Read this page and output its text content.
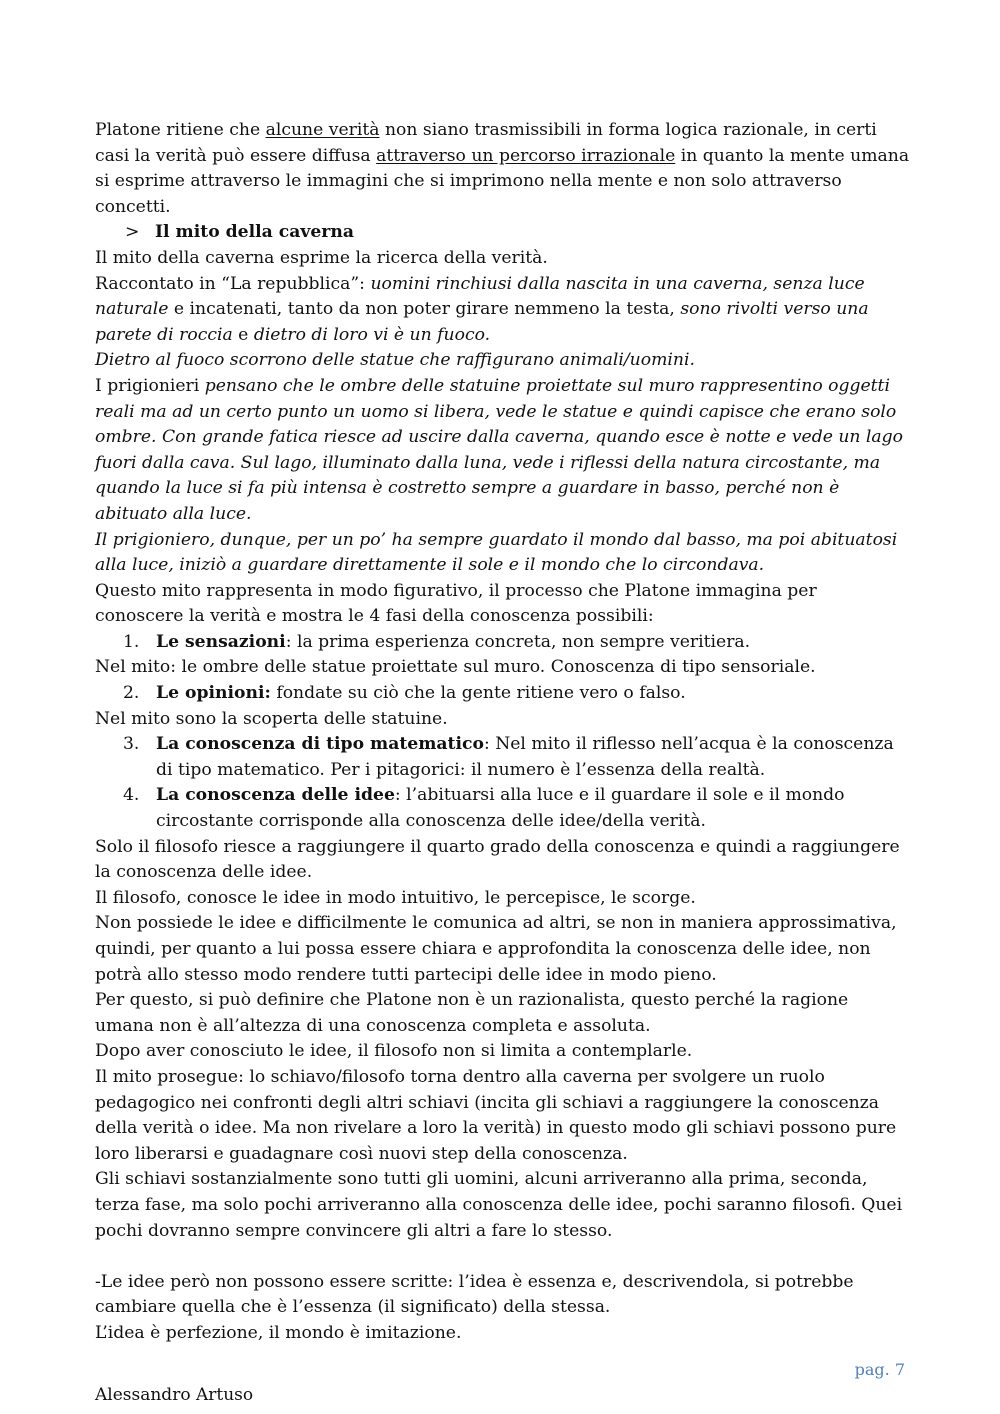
Platone ritiene che alcune verità non siano trasmissibili in forma logica razionale, in certi casi la verità può essere diffusa attraverso un percorso irrazionale in quanto la mente umana si esprime attraverso le immagini che si imprimono nella mente e non solo attraverso concetti.

> Il mito della caverna

Il mito della caverna esprime la ricerca della verità.

Raccontato in “La repubblica”: uomini rinchiusi dalla nascita in una caverna, senza luce naturale e incatenati, tanto da non poter girare nemmeno la testa, sono rivolti verso una parete di roccia e dietro di loro vi è un fuoco.

Dietro al fuoco scorrono delle statue che raffigurano animali/uomini.

I prigionieri pensano che le ombre delle statuine proiettate sul muro rappresentino oggetti reali ma ad un certo punto un uomo si libera, vede le statue e quindi capisce che erano solo ombre. Con grande fatica riesce ad uscire dalla caverna, quando esce è notte e vede un lago fuori dalla cava. Sul lago, illuminato dalla luna, vede i riflessi della natura circostante, ma quando la luce si fa più intensa è costretto sempre a guardare in basso, perché non è abituato alla luce.

Il prigioniero, dunque, per un po’ ha sempre guardato il mondo dal basso, ma poi abituatosi alla luce, iniziò a guardare direttamente il sole e il mondo che lo circondava.

Questo mito rappresenta in modo figurativo, il processo che Platone immagina per conoscere la verità e mostra le 4 fasi della conoscenza possibili:

1. Le sensazioni: la prima esperienza concreta, non sempre veritiera.

Nel mito: le ombre delle statue proiettate sul muro. Conoscenza di tipo sensoriale.

2. Le opinioni: fondate su ciò che la gente ritiene vero o falso.

Nel mito sono la scoperta delle statuine.

3. La conoscenza di tipo matematico: Nel mito il riflesso nell’acqua è la conoscenza di tipo matematico. Per i pitagorici: il numero è l’essenza della realtà.

4. La conoscenza delle idee: l’abituarsi alla luce e il guardare il sole e il mondo circostante corrisponde alla conoscenza delle idee/della verità.

Solo il filosofo riesce a raggiungere il quarto grado della conoscenza e quindi a raggiungere la conoscenza delle idee.

Il filosofo, conosce le idee in modo intuitivo, le percepisce, le scorge.

Non possiede le idee e difficilmente le comunica ad altri, se non in maniera approssimativa, quindi, per quanto a lui possa essere chiara e approfondita la conoscenza delle idee, non potrà allo stesso modo rendere tutti partecipi delle idee in modo pieno.

Per questo, si può definire che Platone non è un razionalista, questo perché la ragione umana non è all’altezza di una conoscenza completa e assoluta.

Dopo aver conosciuto le idee, il filosofo non si limita a contemplarle.

Il mito prosegue: lo schiavo/filosofo torna dentro alla caverna per svolgere un ruolo pedagogico nei confronti degli altri schiavi (incita gli schiavi a raggiungere la conoscenza della verità o idee. Ma non rivelare a loro la verità) in questo modo gli schiavi possono pure loro liberarsi e guadagnare così nuovi step della conoscenza.

Gli schiavi sostanzialmente sono tutti gli uomini, alcuni arriveranno alla prima, seconda, terza fase, ma solo pochi arriveranno alla conoscenza delle idee, pochi saranno filosofi. Quei pochi dovranno sempre convincere gli altri a fare lo stesso.

-Le idee però non possono essere scritte: l’idea è essenza e, descrivendola, si potrebbe cambiare quella che è l’essenza (il significato) della stessa.

L’idea è perfezione, il mondo è imitazione.

pag. 7
Alessandro Artuso
